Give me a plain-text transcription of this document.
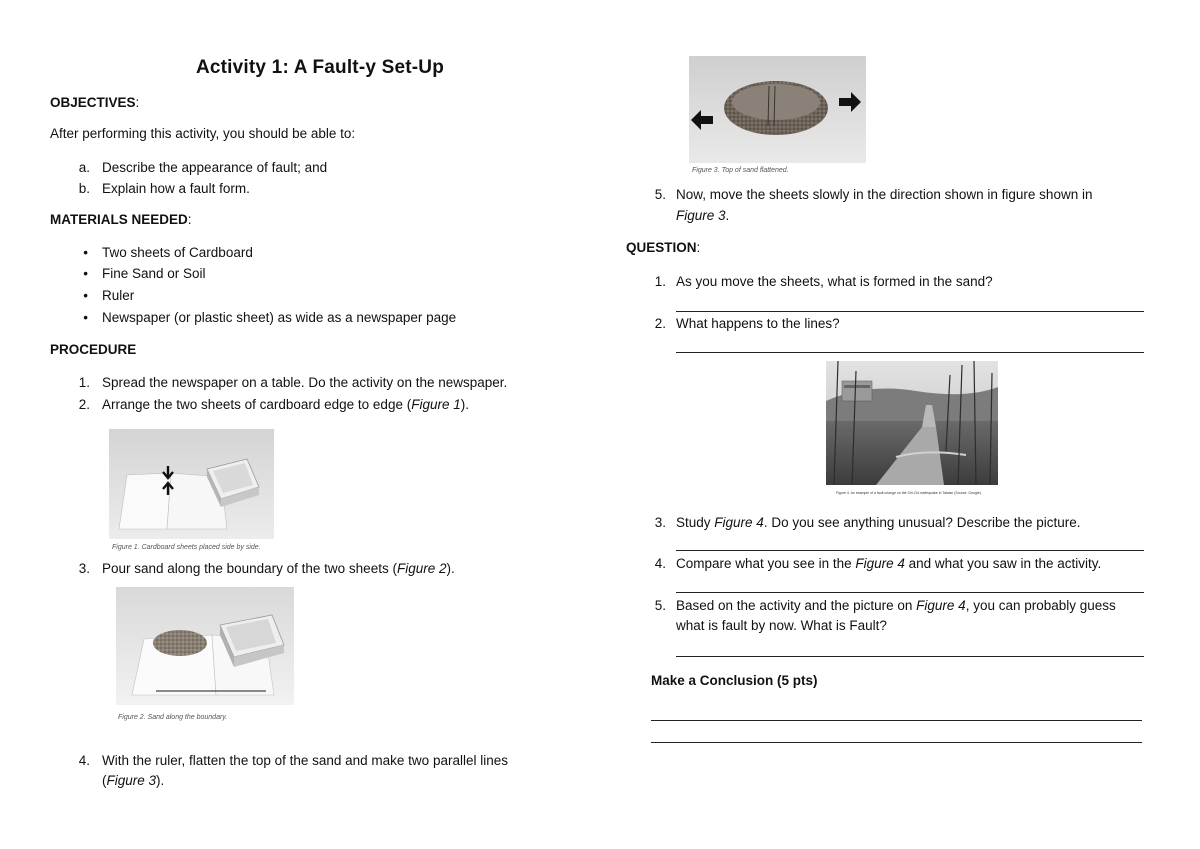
Activity 1: A Fault-y Set-Up
OBJECTIVES:
After performing this activity, you should be able to:
a. Describe the appearance of fault; and
b. Explain how a fault form.
MATERIALS NEEDED:
• Two sheets of Cardboard
• Fine Sand or Soil
• Ruler
• Newspaper (or plastic sheet) as wide as a newspaper page
PROCEDURE
1. Spread the newspaper on a table. Do the activity on the newspaper.
2. Arrange the two sheets of cardboard edge to edge (Figure 1).
Figure 1. Cardboard sheets placed side by side.
3. Pour sand along the boundary of the two sheets (Figure 2).
Figure 2. Sand along the boundary.
4. With the ruler, flatten the top of the sand and make two parallel lines
(Figure 3).
Figure 3. Top of sand flattened.
5. Now, move the sheets slowly in the direction shown in figure shown in
Figure 3.
QUESTION:
1. As you move the sheets, what is formed in the sand?
2. What happens to the lines?
Figure 4. An example of a fault change on the Chi-Chi earthquake in Taiwan (Source: Google)
3. Study Figure 4. Do you see anything unusual? Describe the picture.
4. Compare what you see in the Figure 4 and what you saw in the activity.
5. Based on the activity and the picture on Figure 4, you can probably guess
what is fault by now. What is Fault?
Make a Conclusion (5 pts)
